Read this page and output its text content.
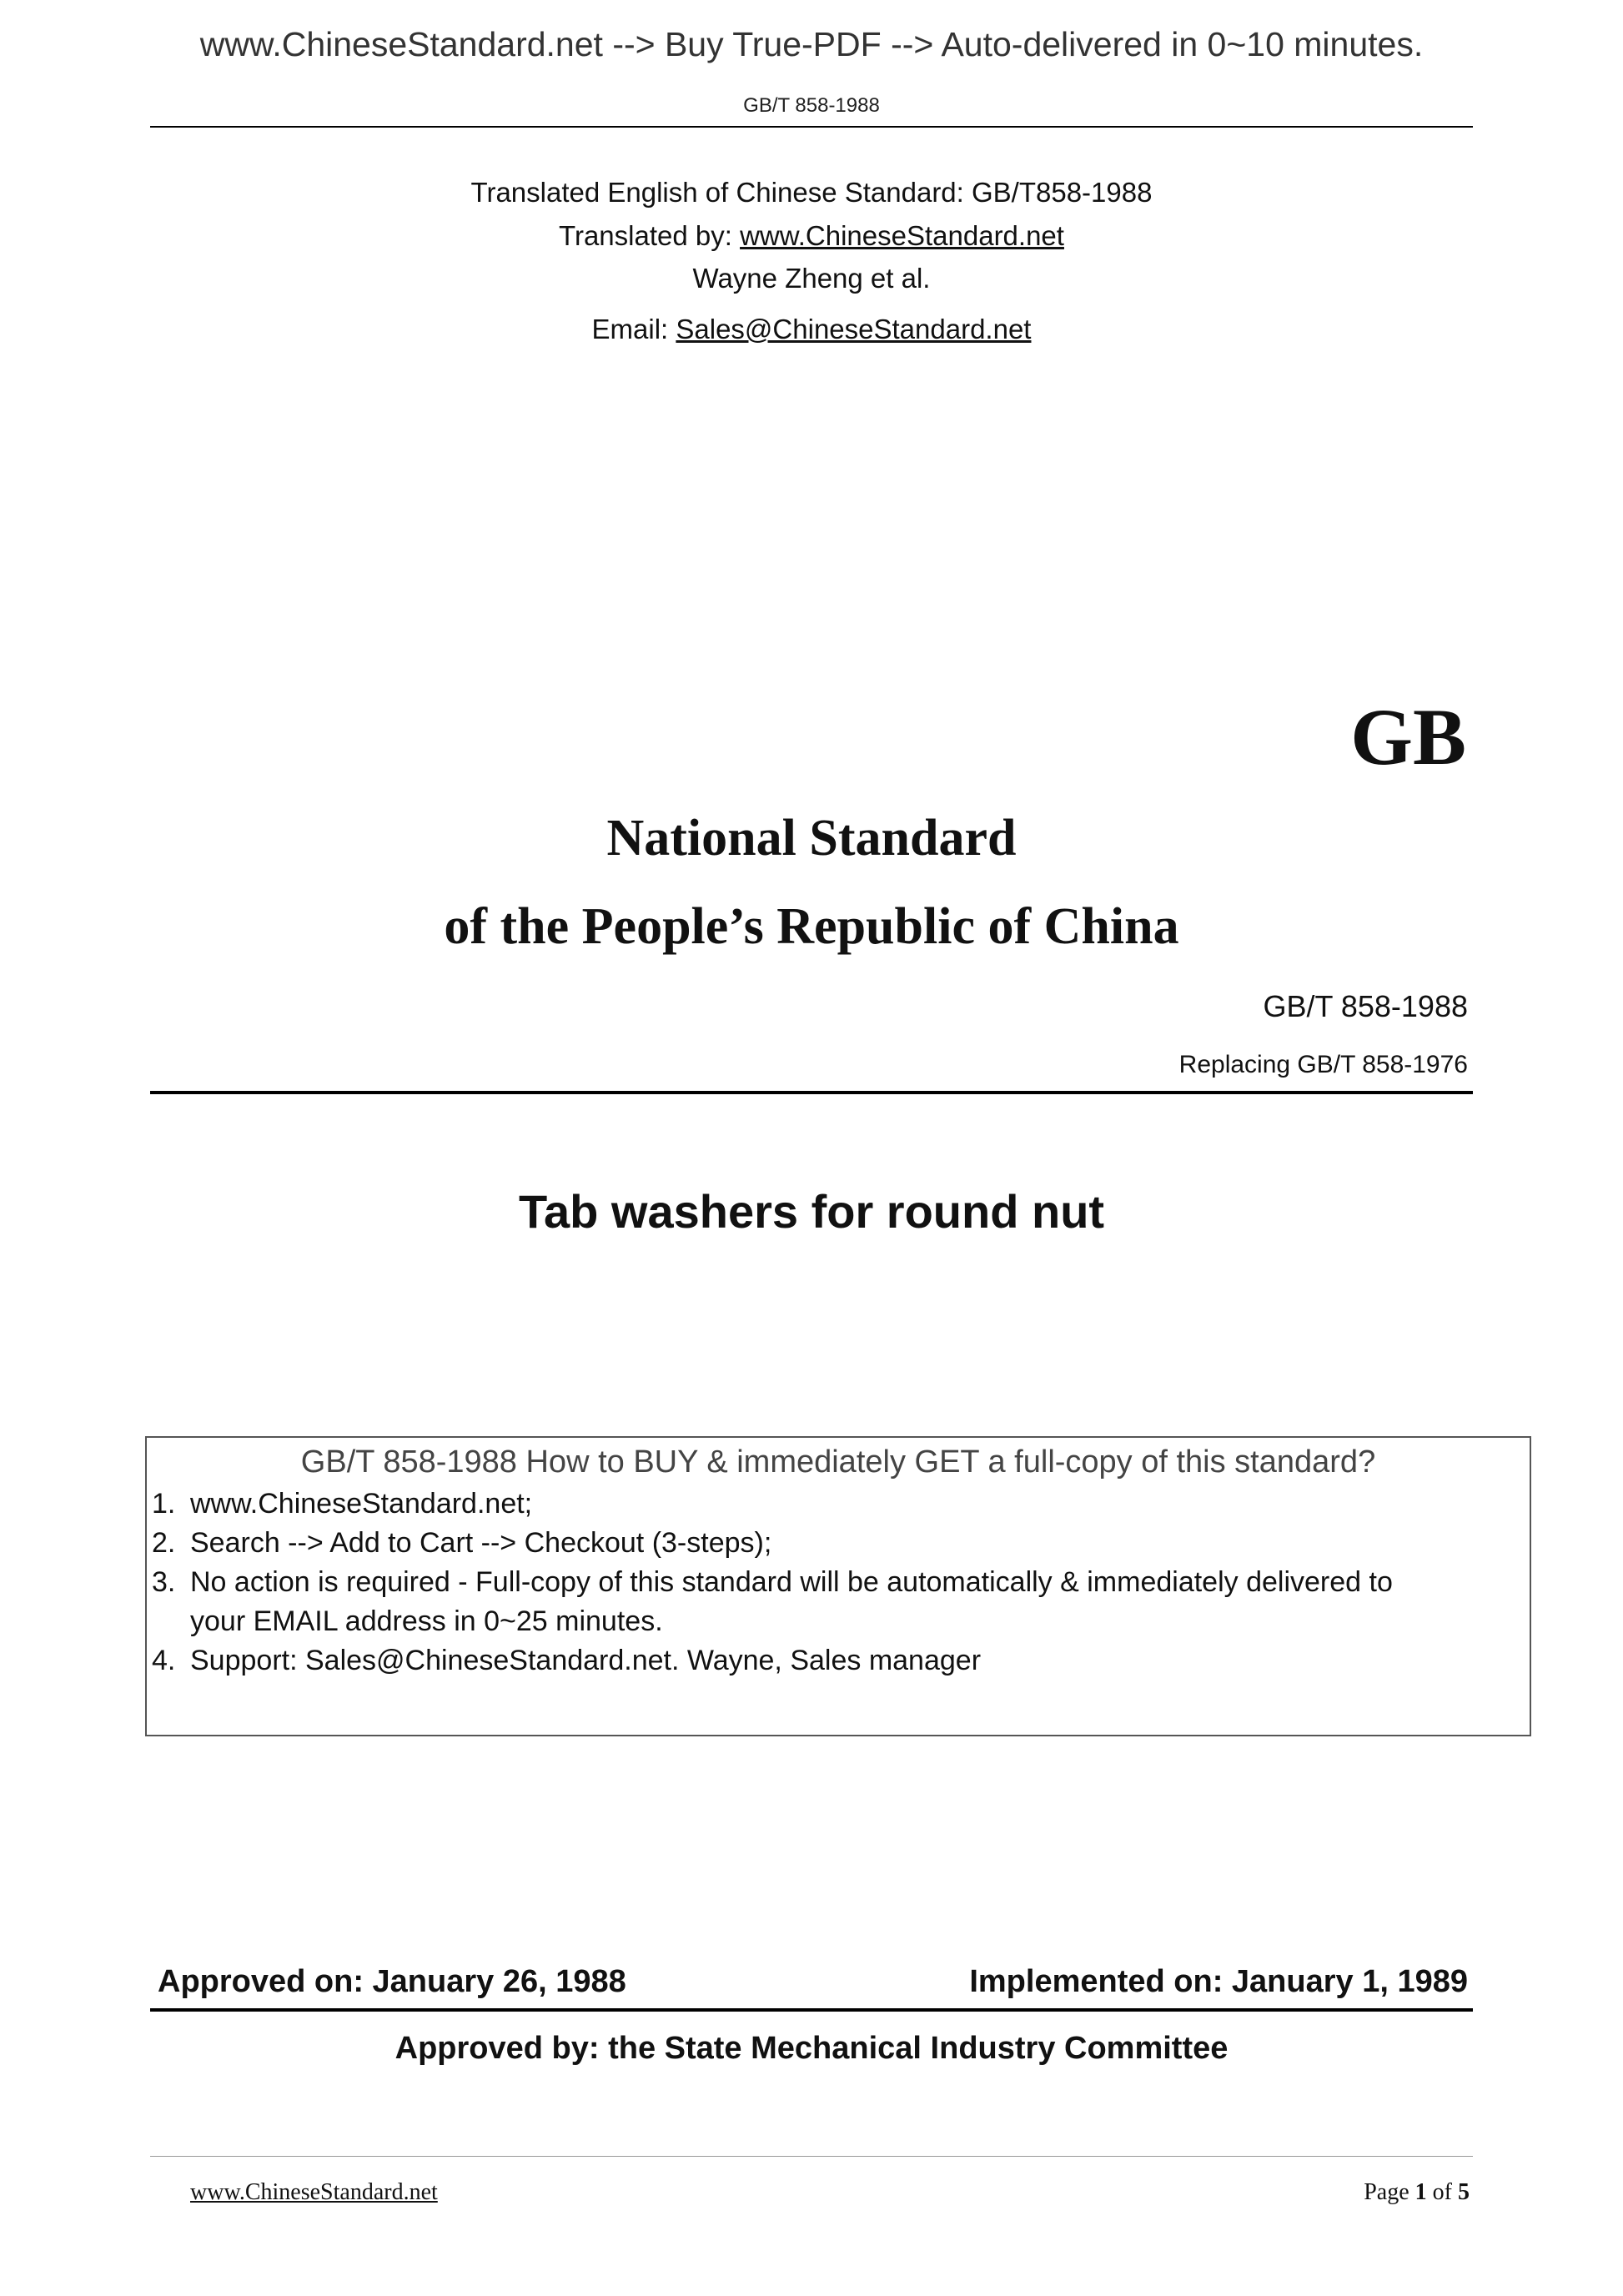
www.ChineseStandard.net --> Buy True-PDF --> Auto-delivered in 0~10 minutes.
GB/T 858-1988
Translated English of Chinese Standard: GB/T858-1988
Translated by: www.ChineseStandard.net
Wayne Zheng et al.
Email: Sales@ChineseStandard.net
GB
National Standard
of the People’s Republic of China
GB/T 858-1988
Replacing GB/T 858-1976
Tab washers for round nut
GB/T 858-1988 How to BUY & immediately GET a full-copy of this standard?
1. www.ChineseStandard.net;
2. Search --> Add to Cart --> Checkout (3-steps);
3. No action is required - Full-copy of this standard will be automatically & immediately delivered to
your EMAIL address in 0~25 minutes.
4. Support: Sales@ChineseStandard.net. Wayne, Sales manager
Approved on: January 26, 1988	Implemented on: January 1, 1989
Approved by: the State Mechanical Industry Committee
www.ChineseStandard.net	Page 1 of 5
